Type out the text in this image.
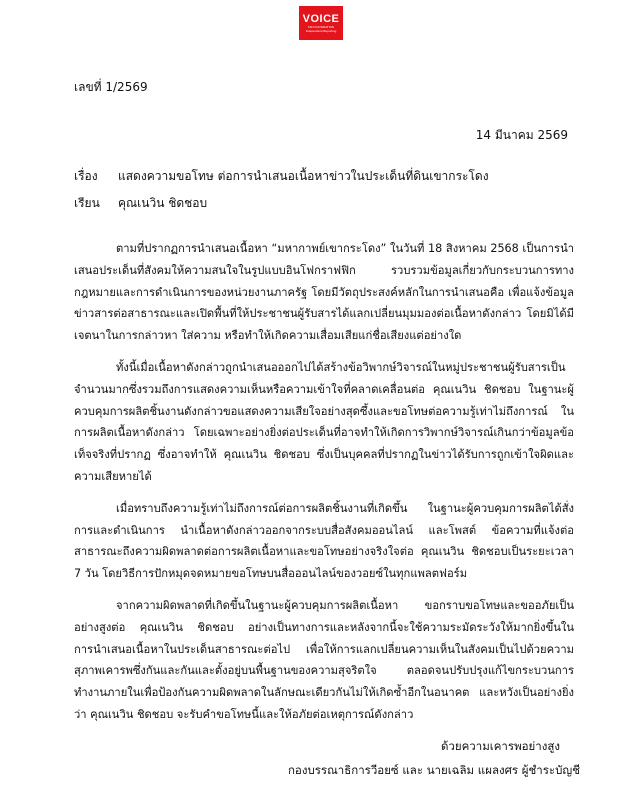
VOICE
TAN FOUNDATION
Independent Reporting
เลขที่ 1/2569
14 มีนาคม 2569
เรื่อง	แสดงความขอโทษ ต่อการนำเสนอเนื้อหาข่าวในประเด็นที่ดินเขากระโดง
เรียน	คุณเนวิน ชิดชอบ

ตามที่ปรากฏการนำเสนอเนื้อหา “มหากาพย์เขากระโดง” ในวันที่ 18 สิงหาคม 2568 เป็นการนำเสนอประเด็นที่สังคมให้ความสนใจในรูปแบบอินโฟกราฟฟิก รวบรวมข้อมูลเกี่ยวกับกระบวนการทางกฎหมายและการดำเนินการของหน่วยงานภาครัฐ โดยมีวัตถุประสงค์หลักในการนำเสนอคือ เพื่อแจ้งข้อมูลข่าวสารต่อสาธารณะและเปิดพื้นที่ให้ประชาชนผู้รับสารได้แลกเปลี่ยนมุมมองต่อเนื้อหาดังกล่าว โดยมิได้มีเจตนาในการกล่าวหา ใส่ความ หรือทำให้เกิดความเสื่อมเสียแก่ชื่อเสียงแต่อย่างใด

ทั้งนี้เมื่อเนื้อหาดังกล่าวถูกนำเสนอออกไปได้สร้างข้อวิพากษ์วิจารณ์ในหมู่ประชาชนผู้รับสารเป็นจำนวนมากซึ่งรวมถึงการแสดงความเห็นหรือความเข้าใจที่คลาดเคลื่อนต่อ คุณเนวิน ชิดชอบ ในฐานะผู้ควบคุมการผลิตชิ้นงานดังกล่าวขอแสดงความเสียใจอย่างสุดซึ้งและขอโทษต่อความรู้เท่าไม่ถึงการณ์ ในการผลิตเนื้อหาดังกล่าว โดยเฉพาะอย่างยิ่งต่อประเด็นที่อาจทำให้เกิดการวิพากษ์วิจารณ์เกินกว่าข้อมูลข้อเท็จจริงที่ปรากฏ ซึ่งอาจทำให้ คุณเนวิน ชิดชอบ ซึ่งเป็นบุคคลที่ปรากฏในข่าวได้รับการถูกเข้าใจผิดและความเสียหายได้

เมื่อทราบถึงความรู้เท่าไม่ถึงการณ์ต่อการผลิตชิ้นงานที่เกิดขึ้น ในฐานะผู้ควบคุมการผลิตได้สั่งการและดำเนินการ นำเนื้อหาดังกล่าวออกจากระบบสื่อสังคมออนไลน์ และโพสต์ ข้อความที่แจ้งต่อสาธารณะถึงความผิดพลาดต่อการผลิตเนื้อหาและขอโทษอย่างจริงใจต่อ คุณเนวิน ชิดชอบเป็นระยะเวลา 7 วัน โดยวิธีการปักหมุดจดหมายขอโทษบนสื่อออนไลน์ของวอยซ์ในทุกแพลตฟอร์ม

จากความผิดพลาดที่เกิดขึ้นในฐานะผู้ควบคุมการผลิตเนื้อหา ขอกราบขอโทษและขออภัยเป็นอย่างสูงต่อ คุณเนวิน ชิดชอบ อย่างเป็นทางการและหลังจากนี้จะใช้ความระมัดระวังให้มากยิ่งขึ้นในการนำเสนอเนื้อหาในประเด็นสาธารณะต่อไป เพื่อให้การแลกเปลี่ยนความเห็นในสังคมเป็นไปด้วยความสุภาพเคารพซึ่งกันและกันและตั้งอยู่บนพื้นฐานของความสุจริตใจ ตลอดจนปรับปรุงแก้ไขกระบวนการทำงานภายในเพื่อป้องกันความผิดพลาดในลักษณะเดียวกันไม่ให้เกิดซ้ำอีกในอนาคต และหวังเป็นอย่างยิ่งว่า คุณเนวิน ชิดชอบ จะรับคำขอโทษนี้และให้อภัยต่อเหตุการณ์ดังกล่าว

ด้วยความเคารพอย่างสูง
กองบรรณาธิการวีอยซ์ และ นายเฉลิม แผลงศร ผู้ชำระบัญชี
